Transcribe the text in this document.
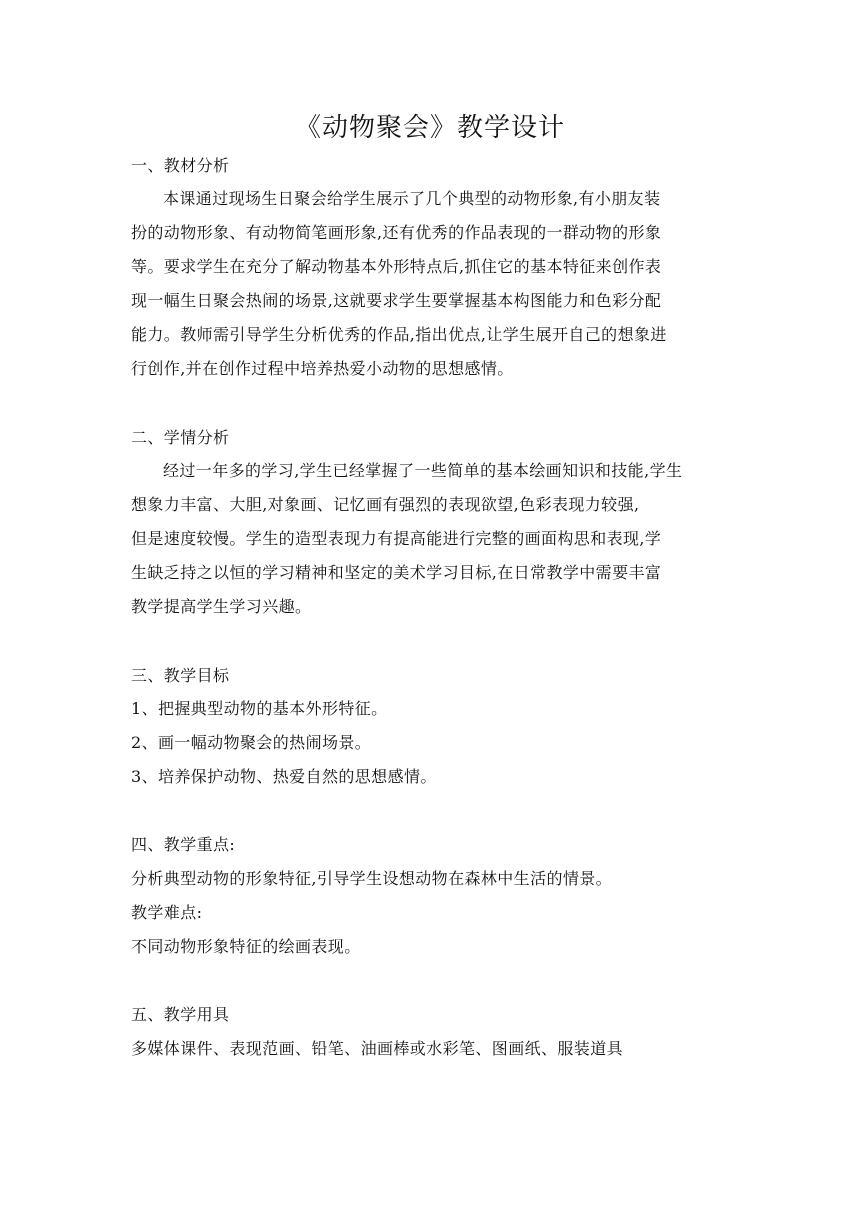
《动物聚会》教学设计
一、教材分析
本课通过现场生日聚会给学生展示了几个典型的动物形象,有小朋友装
扮的动物形象、有动物简笔画形象,还有优秀的作品表现的一群动物的形象
等。要求学生在充分了解动物基本外形特点后,抓住它的基本特征来创作表
现一幅生日聚会热闹的场景,这就要求学生要掌握基本构图能力和色彩分配
能力。教师需引导学生分析优秀的作品,指出优点,让学生展开自己的想象进
行创作,并在创作过程中培养热爱小动物的思想感情。
二、学情分析
经过一年多的学习,学生已经掌握了一些简单的基本绘画知识和技能,学生
想象力丰富、大胆,对象画、记忆画有强烈的表现欲望,色彩表现力较强,
但是速度较慢。学生的造型表现力有提高能进行完整的画面构思和表现,学
生缺乏持之以恒的学习精神和坚定的美术学习目标,在日常教学中需要丰富
教学提高学生学习兴趣。
三、教学目标
1、把握典型动物的基本外形特征。
2、画一幅动物聚会的热闹场景。
3、培养保护动物、热爱自然的思想感情。
四、教学重点:
分析典型动物的形象特征,引导学生设想动物在森林中生活的情景。
教学难点:
不同动物形象特征的绘画表现。
五、教学用具
多媒体课件、表现范画、铅笔、油画棒或水彩笔、图画纸、服装道具
